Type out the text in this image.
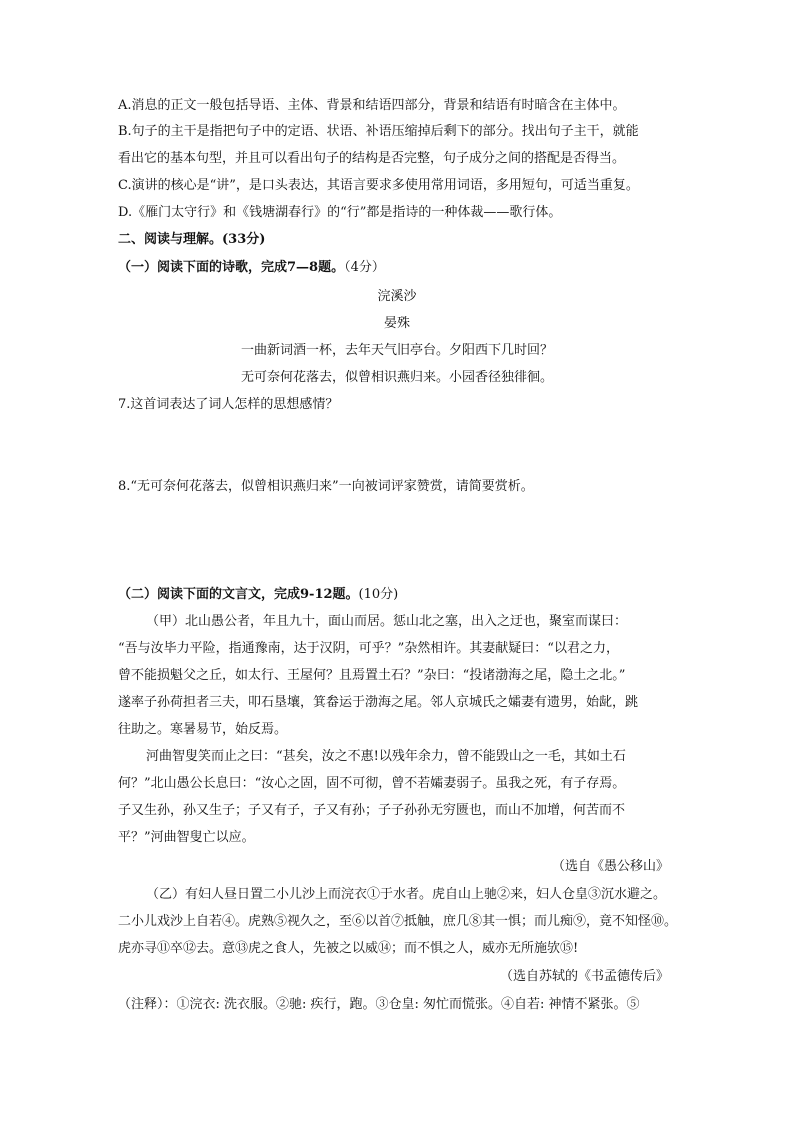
A.消息的正文一般包括导语、主体、背景和结语四部分，背景和结语有时暗含在主体中。
B.句子的主干是指把句子中的定语、状语、补语压缩掉后剩下的部分。找出句子主干，就能
看出它的基本句型，并且可以看出句子的结构是否完整，句子成分之间的搭配是否得当。
C.演讲的核心是“讲”，是口头表达，其语言要求多使用常用词语，多用短句，可适当重复。
D.《雁门太守行》和《钱塘湖春行》的“行”都是指诗的一种体裁——歌行体。
二、阅读与理解。(33分)
（一）阅读下面的诗歌，完成7—8题。（4分）
浣溪沙
晏殊
一曲新词酒一杯，去年天气旧亭台。夕阳西下几时回？
无可奈何花落去，似曾相识燕归来。小园香径独徘徊。
7.这首词表达了词人怎样的思想感情？
8.“无可奈何花落去，似曾相识燕归来”一向被词评家赞赏，请简要赏析。
（二）阅读下面的文言文，完成9-12题。(10分)
（甲）北山愚公者，年且九十，面山而居。惩山北之塞，出入之迂也，聚室而谋曰：
“吾与汝毕力平险，指通豫南，达于汉阴，可乎？”杂然相许。其妻献疑曰：“以君之力，
曾不能损魁父之丘，如太行、王屋何？且焉置土石？”杂曰：“投诸渤海之尾，隐土之北。”
遂率子孙荷担者三夫，叩石垦壤，箕畚运于渤海之尾。邻人京城氏之孀妻有遗男，始龀，跳
往助之。寒暑易节，始反焉。
河曲智叟笑而止之曰：“甚矣，汝之不惠!以残年余力，曾不能毁山之一毛，其如土石
何？”北山愚公长息曰：“汝心之固，固不可彻，曾不若孀妻弱子。虽我之死，有子存焉。
子又生孙，孙又生子；子又有子，子又有孙；子子孙孙无穷匮也，而山不加增，何苦而不
平？”河曲智叟亡以应。
（选自《愚公移山》
（乙）有妇人昼日置二小儿沙上而浣衣①于水者。虎自山上驰②来，妇人仓皇③沉水避之。
二小儿戏沙上自若④。虎熟⑤视久之，至⑥以首⑦抵触，庶几⑧其一惧；而儿痴⑨，竟不知怪⑩。
虎亦寻⑪卒⑫去。意⑬虎之食人，先被之以威⑭；而不惧之人，威亦无所施欤⑮!
（选自苏轼的《书孟德传后》
（注释）：①浣衣: 洗衣服。②驰: 疾行，跑。③仓皇: 匆忙而慌张。④自若: 神情不紧张。⑤
